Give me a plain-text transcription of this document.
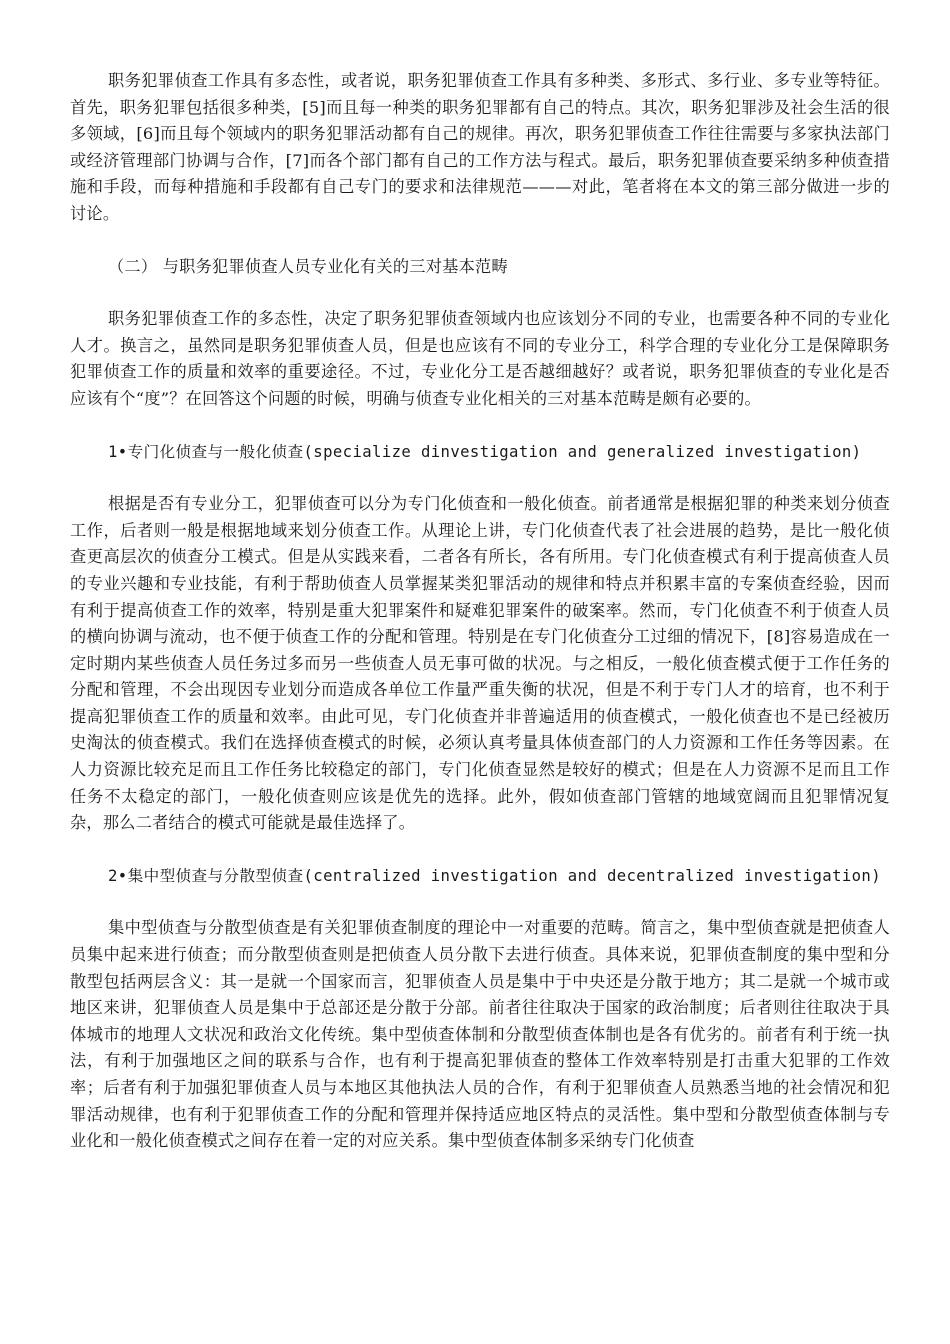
职务犯罪侦查工作具有多态性，或者说，职务犯罪侦查工作具有多种类、多形式、多行业、多专业等特征。首先，职务犯罪包括很多种类，[5]而且每一种类的职务犯罪都有自己的特点。其次，职务犯罪涉及社会生活的很多领域，[6]而且每个领域内的职务犯罪活动都有自己的规律。再次，职务犯罪侦查工作往往需要与多家执法部门或经济管理部门协调与合作，[7]而各个部门都有自己的工作方法与程式。最后，职务犯罪侦查要采纳多种侦查措施和手段，而每种措施和手段都有自己专门的要求和法律规范———对此，笔者将在本文的第三部分做进一步的讨论。

（二） 与职务犯罪侦查人员专业化有关的三对基本范畴

职务犯罪侦查工作的多态性，决定了职务犯罪侦查领域内也应该划分不同的专业，也需要各种不同的专业化人才。换言之，虽然同是职务犯罪侦查人员，但是也应该有不同的专业分工，科学合理的专业化分工是保障职务犯罪侦查工作的质量和效率的重要途径。不过，专业化分工是否越细越好？或者说，职务犯罪侦查的专业化是否应该有个“度”？在回答这个问题的时候，明确与侦查专业化相关的三对基本范畴是颇有必要的。

1•专门化侦查与一般化侦查(specialize dinvestigation and generalized investigation)

根据是否有专业分工，犯罪侦查可以分为专门化侦查和一般化侦查。前者通常是根据犯罪的种类来划分侦查工作，后者则一般是根据地域来划分侦查工作。从理论上讲，专门化侦查代表了社会进展的趋势，是比一般化侦查更高层次的侦查分工模式。但是从实践来看，二者各有所长，各有所用。专门化侦查模式有利于提高侦查人员的专业兴趣和专业技能，有利于帮助侦查人员掌握某类犯罪活动的规律和特点并积累丰富的专案侦查经验，因而有利于提高侦查工作的效率，特别是重大犯罪案件和疑难犯罪案件的破案率。然而，专门化侦查不利于侦查人员的横向协调与流动，也不便于侦查工作的分配和管理。特别是在专门化侦查分工过细的情况下，[8]容易造成在一定时期内某些侦查人员任务过多而另一些侦查人员无事可做的状况。与之相反，一般化侦查模式便于工作任务的分配和管理，不会出现因专业划分而造成各单位工作量严重失衡的状况，但是不利于专门人才的培育，也不利于提高犯罪侦查工作的质量和效率。由此可见，专门化侦查并非普遍适用的侦查模式，一般化侦查也不是已经被历史淘汰的侦查模式。我们在选择侦查模式的时候，必须认真考量具体侦查部门的人力资源和工作任务等因素。在人力资源比较充足而且工作任务比较稳定的部门，专门化侦查显然是较好的模式；但是在人力资源不足而且工作任务不太稳定的部门，一般化侦查则应该是优先的选择。此外，假如侦查部门管辖的地域宽阔而且犯罪情况复杂，那么二者结合的模式可能就是最佳选择了。

2•集中型侦查与分散型侦查(centralized investigation and decentralized investigation)

集中型侦查与分散型侦查是有关犯罪侦查制度的理论中一对重要的范畴。简言之，集中型侦查就是把侦查人员集中起来进行侦查；而分散型侦查则是把侦查人员分散下去进行侦查。具体来说，犯罪侦查制度的集中型和分散型包括两层含义：其一是就一个国家而言，犯罪侦查人员是集中于中央还是分散于地方；其二是就一个城市或地区来讲，犯罪侦查人员是集中于总部还是分散于分部。前者往往取决于国家的政治制度；后者则往往取决于具体城市的地理人文状况和政治文化传统。集中型侦查体制和分散型侦查体制也是各有优劣的。前者有利于统一执法，有利于加强地区之间的联系与合作，也有利于提高犯罪侦查的整体工作效率特别是打击重大犯罪的工作效率；后者有利于加强犯罪侦查人员与本地区其他执法人员的合作，有利于犯罪侦查人员熟悉当地的社会情况和犯罪活动规律，也有利于犯罪侦查工作的分配和管理并保持适应地区特点的灵活性。集中型和分散型侦查体制与专业化和一般化侦查模式之间存在着一定的对应关系。集中型侦查体制多采纳专门化侦查
